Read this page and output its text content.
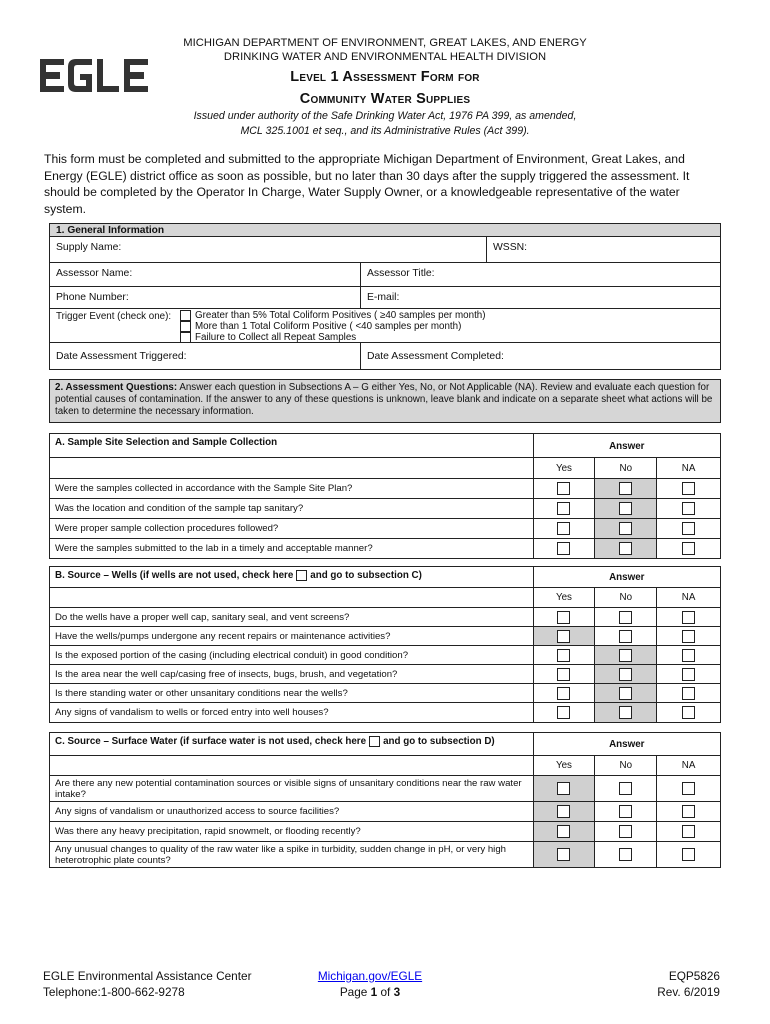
MICHIGAN DEPARTMENT OF ENVIRONMENT, GREAT LAKES, AND ENERGY
DRINKING WATER AND ENVIRONMENTAL HEALTH DIVISION
Level 1 Assessment Form for
Community Water Supplies
Issued under authority of the Safe Drinking Water Act, 1976 PA 399, as amended,
MCL 325.1001 et seq., and its Administrative Rules (Act 399).
This form must be completed and submitted to the appropriate Michigan Department of Environment, Great Lakes, and Energy (EGLE) district office as soon as possible, but no later than 30 days after the supply triggered the assessment. It should be completed by the Operator In Charge, Water Supply Owner, or a knowledgeable representative of the water system.
1. General Information
Supply Name:	WSSN:
Assessor Name:	Assessor Title:
Phone Number:	E-mail:
Trigger Event (check one): Greater than 5% Total Coliform Positives ( ≥40 samples per month)
More than 1 Total Coliform Positive ( <40 samples per month)
Failure to Collect all Repeat Samples
Date Assessment Triggered:	Date Assessment Completed:
2. Assessment Questions: Answer each question in Subsections A – G either Yes, No, or Not Applicable (NA). Review and evaluate each question for potential causes of contamination. If the answer to any of these questions is unknown, leave blank and indicate on a separate sheet what actions will be taken to determine the necessary information.
A. Sample Site Selection and Sample Collection	Answer
Yes	No	NA
Were the samples collected in accordance with the Sample Site Plan?
Was the location and condition of the sample tap sanitary?
Were proper sample collection procedures followed?
Were the samples submitted to the lab in a timely and acceptable manner?
B. Source – Wells (if wells are not used, check here and go to subsection C)	Answer
Yes	No	NA
Do the wells have a proper well cap, sanitary seal, and vent screens?
Have the wells/pumps undergone any recent repairs or maintenance activities?
Is the exposed portion of the casing (including electrical conduit) in good condition?
Is the area near the well cap/casing free of insects, bugs, brush, and vegetation?
Is there standing water or other unsanitary conditions near the wells?
Any signs of vandalism to wells or forced entry into well houses?
C. Source – Surface Water (if surface water is not used, check here and go to subsection D)	Answer
Yes	No	NA
Are there any new potential contamination sources or visible signs of unsanitary conditions near the raw water intake?
Any signs of vandalism or unauthorized access to source facilities?
Was there any heavy precipitation, rapid snowmelt, or flooding recently?
Any unusual changes to quality of the raw water like a spike in turbidity, sudden change in pH, or very high heterotrophic plate counts?
EGLE Environmental Assistance Center
Telephone:1-800-662-9278
Michigan.gov/EGLE
Page 1 of 3
EQP5826
Rev. 6/2019
